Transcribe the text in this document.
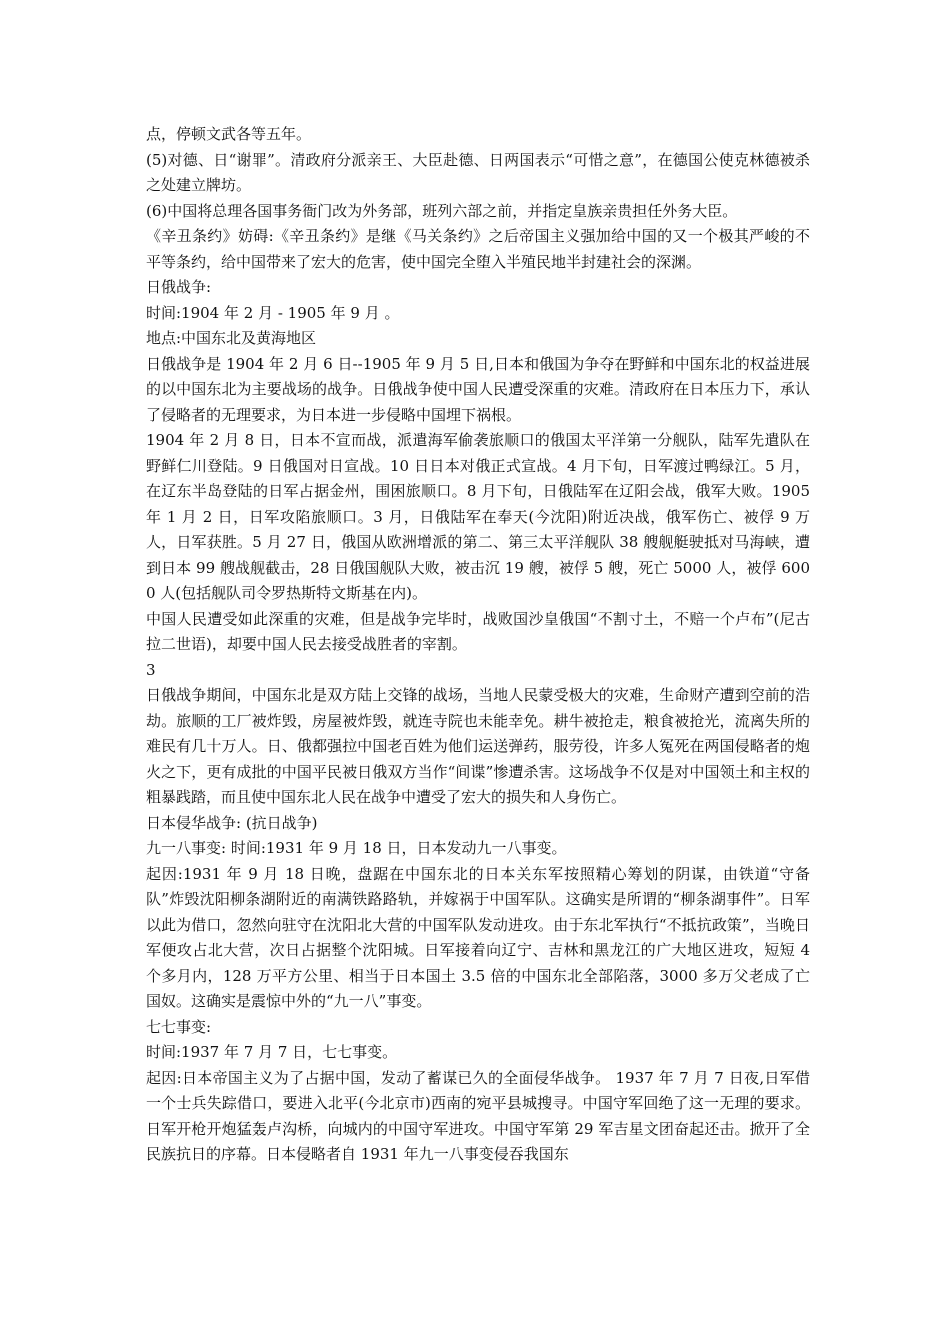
点，停顿文武各等五年。

(5)对德、日“谢罪”。清政府分派亲王、大臣赴德、日两国表示“可惜之意”，在德国公使克林德被杀之处建立牌坊。

(6)中国将总理各国事务衙门改为外务部，班列六部之前，并指定皇族亲贵担任外务大臣。

《辛丑条约》妨碍:《辛丑条约》是继《马关条约》之后帝国主义强加给中国的又一个极其严峻的不平等条约，给中国带来了宏大的危害，使中国完全堕入半殖民地半封建社会的深渊。

日俄战争:

时间:1904 年 2 月 - 1905 年 9 月 。

地点:中国东北及黄海地区

日俄战争是 1904 年 2 月 6 日--1905 年 9 月 5 日,日本和俄国为争夺在野鲜和中国东北的权益进展的以中国东北为主要战场的战争。日俄战争使中国人民遭受深重的灾难。清政府在日本压力下，承认了侵略者的无理要求，为日本进一步侵略中国埋下祸根。

1904 年 2 月 8 日，日本不宣而战，派遣海军偷袭旅顺口的俄国太平洋第一分舰队，陆军先遣队在野鲜仁川登陆。9 日俄国对日宣战。10 日日本对俄正式宣战。4 月下旬，日军渡过鸭绿江。5 月，在辽东半岛登陆的日军占据金州，围困旅顺口。8 月下旬，日俄陆军在辽阳会战，俄军大败。1905 年 1 月 2 日，日军攻陷旅顺口。3 月，日俄陆军在奉天(今沈阳)附近决战，俄军伤亡、被俘 9 万人，日军获胜。5 月 27 日，俄国从欧洲增派的第二、第三太平洋舰队 38 艘舰艇驶抵对马海峡，遭到日本 99 艘战舰截击，28 日俄国舰队大败，被击沉 19 艘，被俘 5 艘，死亡 5000 人，被俘 6000 人(包括舰队司令罗热斯特文斯基在内)。

中国人民遭受如此深重的灾难，但是战争完毕时，战败国沙皇俄国“不割寸土，不赔一个卢布”(尼古拉二世语)，却要中国人民去接受战胜者的宰割。

3

日俄战争期间，中国东北是双方陆上交锋的战场，当地人民蒙受极大的灾难，生命财产遭到空前的浩劫。旅顺的工厂被炸毁，房屋被炸毁，就连寺院也未能幸免。耕牛被抢走，粮食被抢光，流离失所的难民有几十万人。日、俄都强拉中国老百姓为他们运送弹药，服劳役，许多人冤死在两国侵略者的炮火之下，更有成批的中国平民被日俄双方当作“间谍”惨遭杀害。这场战争不仅是对中国领土和主权的粗暴践踏，而且使中国东北人民在战争中遭受了宏大的损失和人身伤亡。

日本侵华战争: (抗日战争)

九一八事变: 时间:1931 年 9 月 18 日，日本发动九一八事变。

起因:1931 年 9 月 18 日晚，盘踞在中国东北的日本关东军按照精心筹划的阴谋，由铁道“守备队”炸毁沈阳柳条湖附近的南满铁路路轨，并嫁祸于中国军队。这确实是所谓的“柳条湖事件”。日军以此为借口，忽然向驻守在沈阳北大营的中国军队发动进攻。由于东北军执行“不抵抗政策”，当晚日军便攻占北大营，次日占据整个沈阳城。日军接着向辽宁、吉林和黑龙江的广大地区进攻，短短 4 个多月内，128 万平方公里、相当于日本国土 3.5 倍的中国东北全部陷落，3000 多万父老成了亡国奴。这确实是震惊中外的“九一八”事变。

七七事变:

时间:1937 年 7 月 7 日，七七事变。

起因:日本帝国主义为了占据中国，发动了蓄谋已久的全面侵华战争。 1937 年 7 月 7 日夜,日军借一个士兵失踪借口，要进入北平(今北京市)西南的宛平县城搜寻。中国守军回绝了这一无理的要求。日军开枪开炮猛轰卢沟桥，向城内的中国守军进攻。中国守军第 29 军吉星文团奋起还击。掀开了全民族抗日的序幕。日本侵略者自 1931 年九一八事变侵吞我国东
